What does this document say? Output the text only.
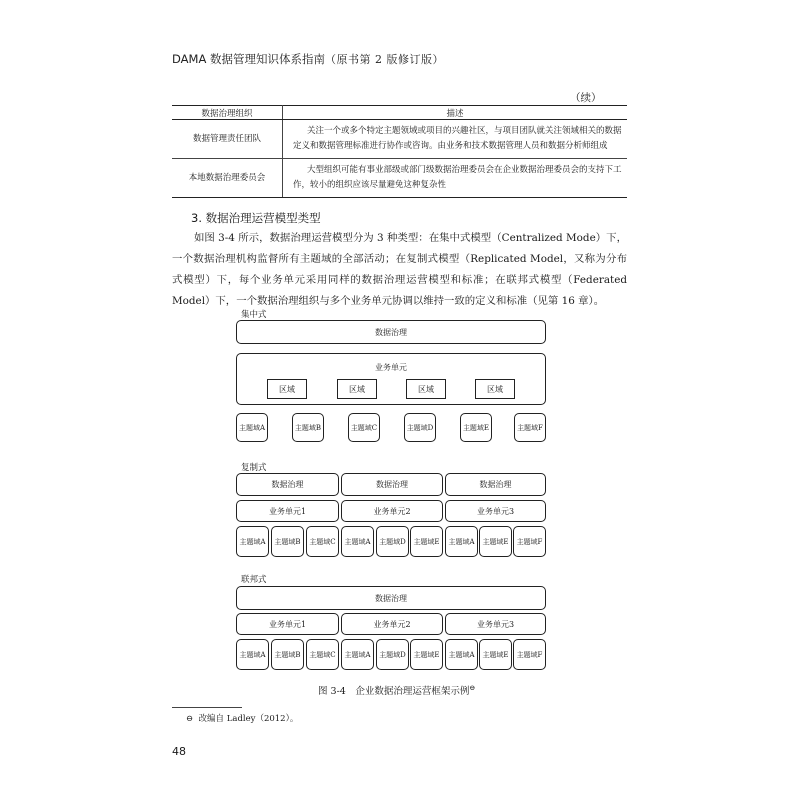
DAMA 数据管理知识体系指南（原书第 2 版修订版）
（续）
数据治理组织	描述
数据管理责任团队	关注一个或多个特定主题领域或项目的兴趣社区，与项目团队就关注领域相关的数据定义和数据管理标准进行协作或咨询。由业务和技术数据管理人员和数据分析师组成
本地数据治理委员会	大型组织可能有事业部级或部门级数据治理委员会在企业数据治理委员会的支持下工作，较小的组织应该尽量避免这种复杂性
3. 数据治理运营模型类型
如图 3-4 所示，数据治理运营模型分为 3 种类型：在集中式模型（Centralized Mode）下，一个数据治理机构监督所有主题域的全部活动；在复制式模型（Replicated Model，又称为分布式模型）下，每个业务单元采用同样的数据治理运营模型和标准；在联邦式模型（Federated Model）下，一个数据治理组织与多个业务单元协调以维持一致的定义和标准（见第 16 章）。
集中式
数据治理
业务单元
区域	区域	区域	区域
主题域A	主题域B	主题域C	主题域D	主题域E	主题域F
复制式
数据治理	数据治理	数据治理
业务单元1	业务单元2	业务单元3
主题域A	主题域B	主题域C	主题域A	主题域D	主题域E	主题域A	主题域E	主题域F
联邦式
数据治理
业务单元1	业务单元2	业务单元3
主题域A	主题域B	主题域C	主题域A	主题域D	主题域E	主题域A	主题域E	主题域F
图 3-4　企业数据治理运营框架示例⊖
⊖ 改编自 Ladley（2012）。
48
